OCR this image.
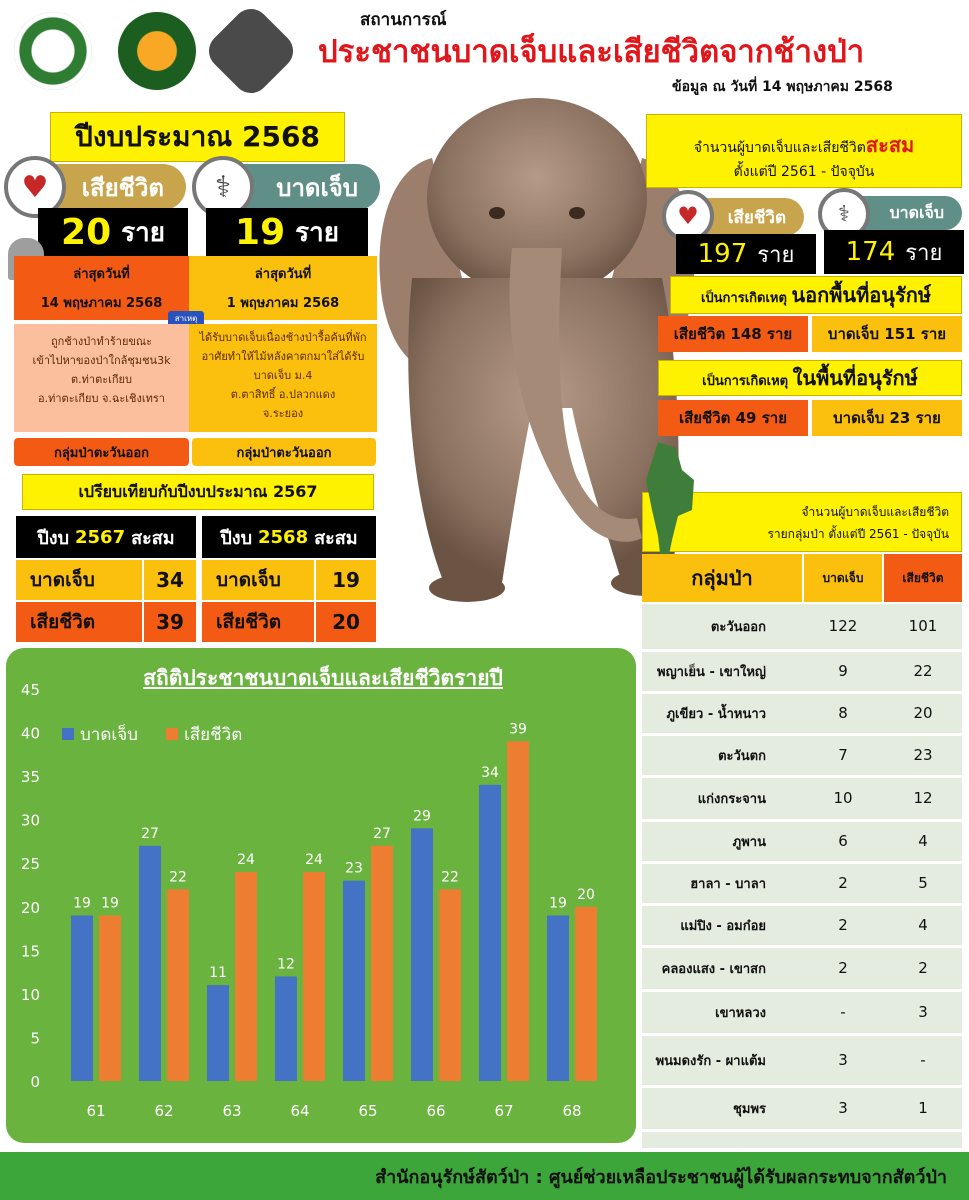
สถานการณ์
ประชาชนบาดเจ็บและเสียชีวิตจากช้างป่า
ข้อมูล ณ วันที่ 14 พฤษภาคม 2568
ปีงบประมาณ 2568
เสียชีวิต
♥	บาดเจ็บ
⚕
20 ราย 19 ราย
ล่าสุดวันที่
14 พฤษภาคม 2568
ล่าสุดวันที่
1 พฤษภาคม 2568
สาเหตุ
ถูกช้างป่าทำร้ายขณะ
เข้าไปหาของป่าใกล้ชุมชน3k
ต.ท่าตะเกียบ
อ.ท่าตะเกียบ จ.ฉะเชิงเทรา
ได้รับบาดเจ็บเนื่องช้างป่ารื้อค้นที่พัก
อาศัยทำให้ไม้หลังคาตกมาใส่ได้รับ
บาดเจ็บ ม.4
ต.ตาสิทธิ์ อ.ปลวกแดง
จ.ระยอง
กลุ่มป่าตะวันออก	กลุ่มป่าตะวันออก
เปรียบเทียบกับปีงบประมาณ 2567
ปีงบ 2567 สะสม	ปีงบ 2568 สะสม
บาดเจ็บ	34	บาดเจ็บ	19
เสียชีวิต	39	เสียชีวิต	20
จำนวนผู้บาดเจ็บและเสียชีวิตสะสม
ตั้งแต่ปี 2561 - ปัจจุบัน
เสียชีวิต
♥	บาดเจ็บ
⚕
197 ราย 174 ราย
เป็นการเกิดเหตุ นอกพื้นที่อนุรักษ์
เสียชีวิต 148 ราย	บาดเจ็บ 151 ราย
เป็นการเกิดเหตุ ในพื้นที่อนุรักษ์
เสียชีวิต 49 ราย	บาดเจ็บ 23 ราย
จำนวนผู้บาดเจ็บและเสียชีวิต
รายกลุ่มป่า ตั้งแต่ปี 2561 - ปัจจุบัน
กลุ่มป่า	บาดเจ็บ	เสียชีวิต
ตะวันออก	122	101
พญาเย็น - เขาใหญ่	9	22
ภูเขียว - น้ำหนาว	8	20
ตะวันตก	7	23
แก่งกระจาน	10	12
ภูพาน	6	4
ฮาลา - บาลา	2	5
แม่ปิง - อมก๋อย	2	4
คลองแสง - เขาสก	2	2
เขาหลวง	-	3
พนมดงรัก - ผาแต้ม	3	-
ชุมพร	3	1
สถิติประชาชนบาดเจ็บและเสียชีวิตรายปี
0
5
10
15
20
25
30
35
40
45
บาดเจ็บ	เสียชีวิต
19 19
61
27
22
62
11
24
63
12
24
64
23
27
65
29
22
66
34
39
67
19
20
68
สำนักอนุรักษ์สัตว์ป่า : ศูนย์ช่วยเหลือประชาชนผู้ได้รับผลกระทบจากสัตว์ป่า
